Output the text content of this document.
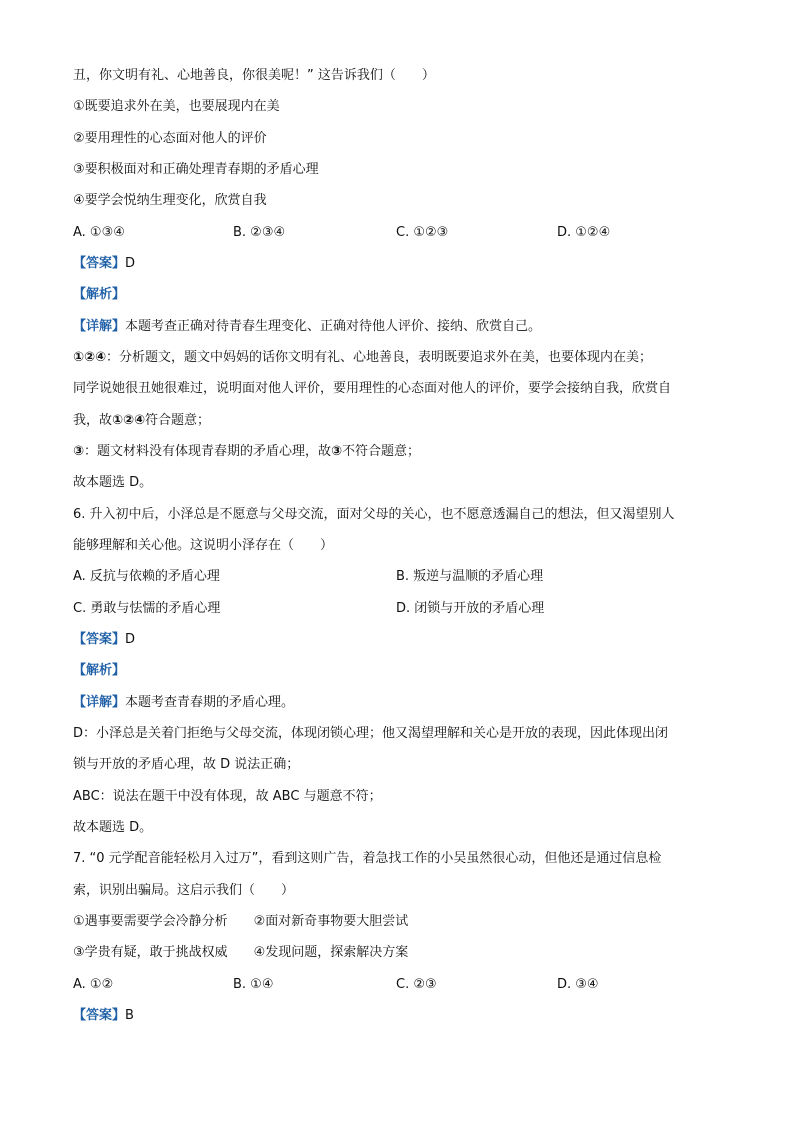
丑，你文明有礼、心地善良，你很美呢！” 这告诉我们（　　）
①既要追求外在美，也要展现内在美
②要用理性的心态面对他人的评价
③要积极面对和正确处理青春期的矛盾心理
④要学会悦纳生理变化，欣赏自我
A. ①③④	B. ②③④	C. ①②③	D. ①②④
【答案】D
【解析】
【详解】本题考查正确对待青春生理变化、正确对待他人评价、接纳、欣赏自己。
①②④：分析题文，题文中妈妈的话你文明有礼、心地善良，表明既要追求外在美，也要体现内在美；
同学说她很丑她很难过，说明面对他人评价，要用理性的心态面对他人的评价，要学会接纳自我，欣赏自
我，故①②④符合题意；
③：题文材料没有体现青春期的矛盾心理，故③不符合题意；
故本题选 D。
6. 升入初中后，小泽总是不愿意与父母交流，面对父母的关心，也不愿意透漏自己的想法，但又渴望别人
能够理解和关心他。这说明小泽存在（　　）
A. 反抗与依赖的矛盾心理	B. 叛逆与温顺的矛盾心理
C. 勇敢与怯懦的矛盾心理	D. 闭锁与开放的矛盾心理
【答案】D
【解析】
【详解】本题考查青春期的矛盾心理。
D：小泽总是关着门拒绝与父母交流，体现闭锁心理；他又渴望理解和关心是开放的表现，因此体现出闭
锁与开放的矛盾心理，故 D 说法正确；
ABC：说法在题干中没有体现，故 ABC 与题意不符；
故本题选 D。
7. “0 元学配音能轻松月入过万”，看到这则广告，着急找工作的小吴虽然很心动，但他还是通过信息检
索，识别出骗局。这启示我们（　　）
①遇事要需要学会冷静分析　　②面对新奇事物要大胆尝试
③学贵有疑，敢于挑战权威　　④发现问题，探索解决方案
A. ①②	B. ①④	C. ②③	D. ③④
【答案】B
